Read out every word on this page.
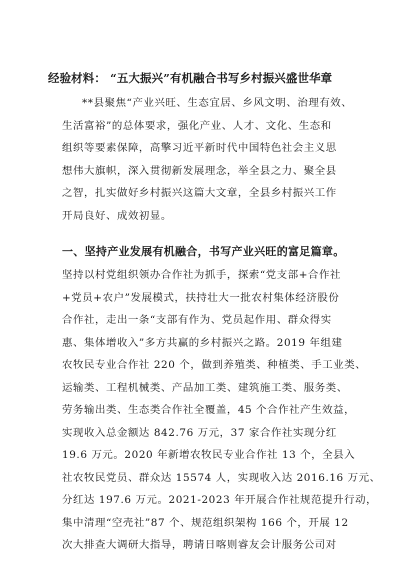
经验材料： “五大振兴”有机融合书写乡村振兴盛世华章
**县聚焦“产业兴旺、生态宜居、乡风文明、治理有效、
生活富裕”的总体要求，强化产业、人才、文化、生态和
组织等要素保障，高擎习近平新时代中国特色社会主义思
想伟大旗帜，深入贯彻新发展理念，举全县之力、聚全县
之智，扎实做好乡村振兴这篇大文章，全县乡村振兴工作
开局良好、成效初显。
一、坚持产业发展有机融合，书写产业兴旺的富足篇章。
坚持以村党组织领办合作社为抓手，探索“党支部+合作社
+党员+农户”发展模式，扶持壮大一批农村集体经济股份
合作社，走出一条“支部有作为、党员起作用、群众得实
惠、集体增收入”多方共赢的乡村振兴之路。2019 年组建
农牧民专业合作社 220 个，做到养殖类、种植类、手工业类、
运输类、工程机械类、产品加工类、建筑施工类、服务类、
劳务输出类、生态类合作社全覆盖，45 个合作社产生效益，
实现收入总金额达 842.76 万元，37 家合作社实现分红
19.6 万元。2020 年新增农牧民专业合作社 13 个，全县入
社农牧民党员、群众达 15574 人，实现收入达 2016.16 万元、
分红达 197.6 万元。2021-2023 年开展合作社规范提升行动，
集中清理“空壳社”87 个、规范组织架构 166 个，开展 12
次大排查大调研大指导，聘请日喀则睿友会计服务公司对
